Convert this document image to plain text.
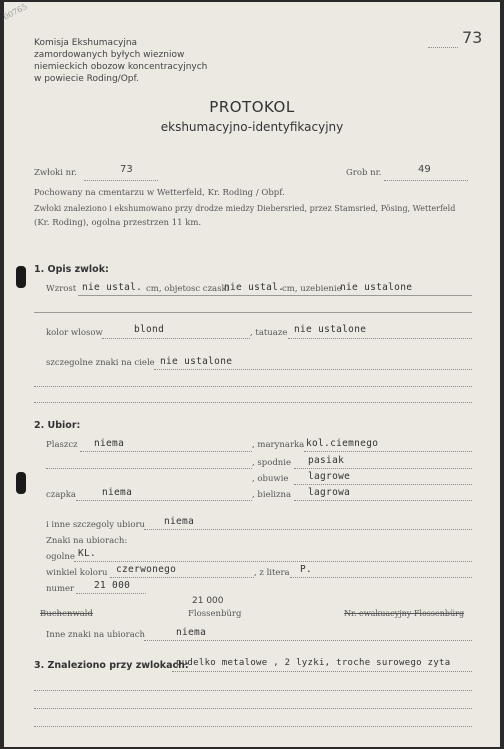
00765
73
Komisja Ekshumacyjna
zamordowanych byłych wiezniow
niemieckich obozow koncentracyjnych
w powiecie Roding/Opf.
PROTOKOL
ekshumacyjno-identyfikacyjny
Zwłoki nr.	73	Grob nr.	49
Pochowany na cmentarzu w Wetterfeld, Kr. Roding / Obpf.
Zwłoki znaleziono i ekshumowano przy drodze miedzy Diebersried, przez Stamsried, Pösing, Wetterfeld
(Kr. Roding), ogolna przestrzen 11 km.
1. Opis zwlok:
Wzrost nie ustal. cm, objetosc czaski
nie ustal.
cm, uzebienie
nie ustalone
kolor wlosow	blond	, tatuaze nie ustalone
szczegolne znaki na ciele nie ustalone
2. Ubior:
Plaszcz niema	, marynarka kol.ciemnego
, spodnie pasiak
, obuwie lagrowe
czapka	niema	, bielizna lagrowa
i inne szczegoly ubioru niema
Znaki na ubiorach:
ogolne KL.
winkiel koloru czerwonego	, z litera P.
numer 21 000
21 000
Buchenwald	Flossenbürg	Nr. ewakuacyjny Flossenbürg
Inne znaki na ubiorach	niema
3. Znaleziono przy zwlokach:
pudelko metalowe , 2 lyzki, troche surowego zyta
